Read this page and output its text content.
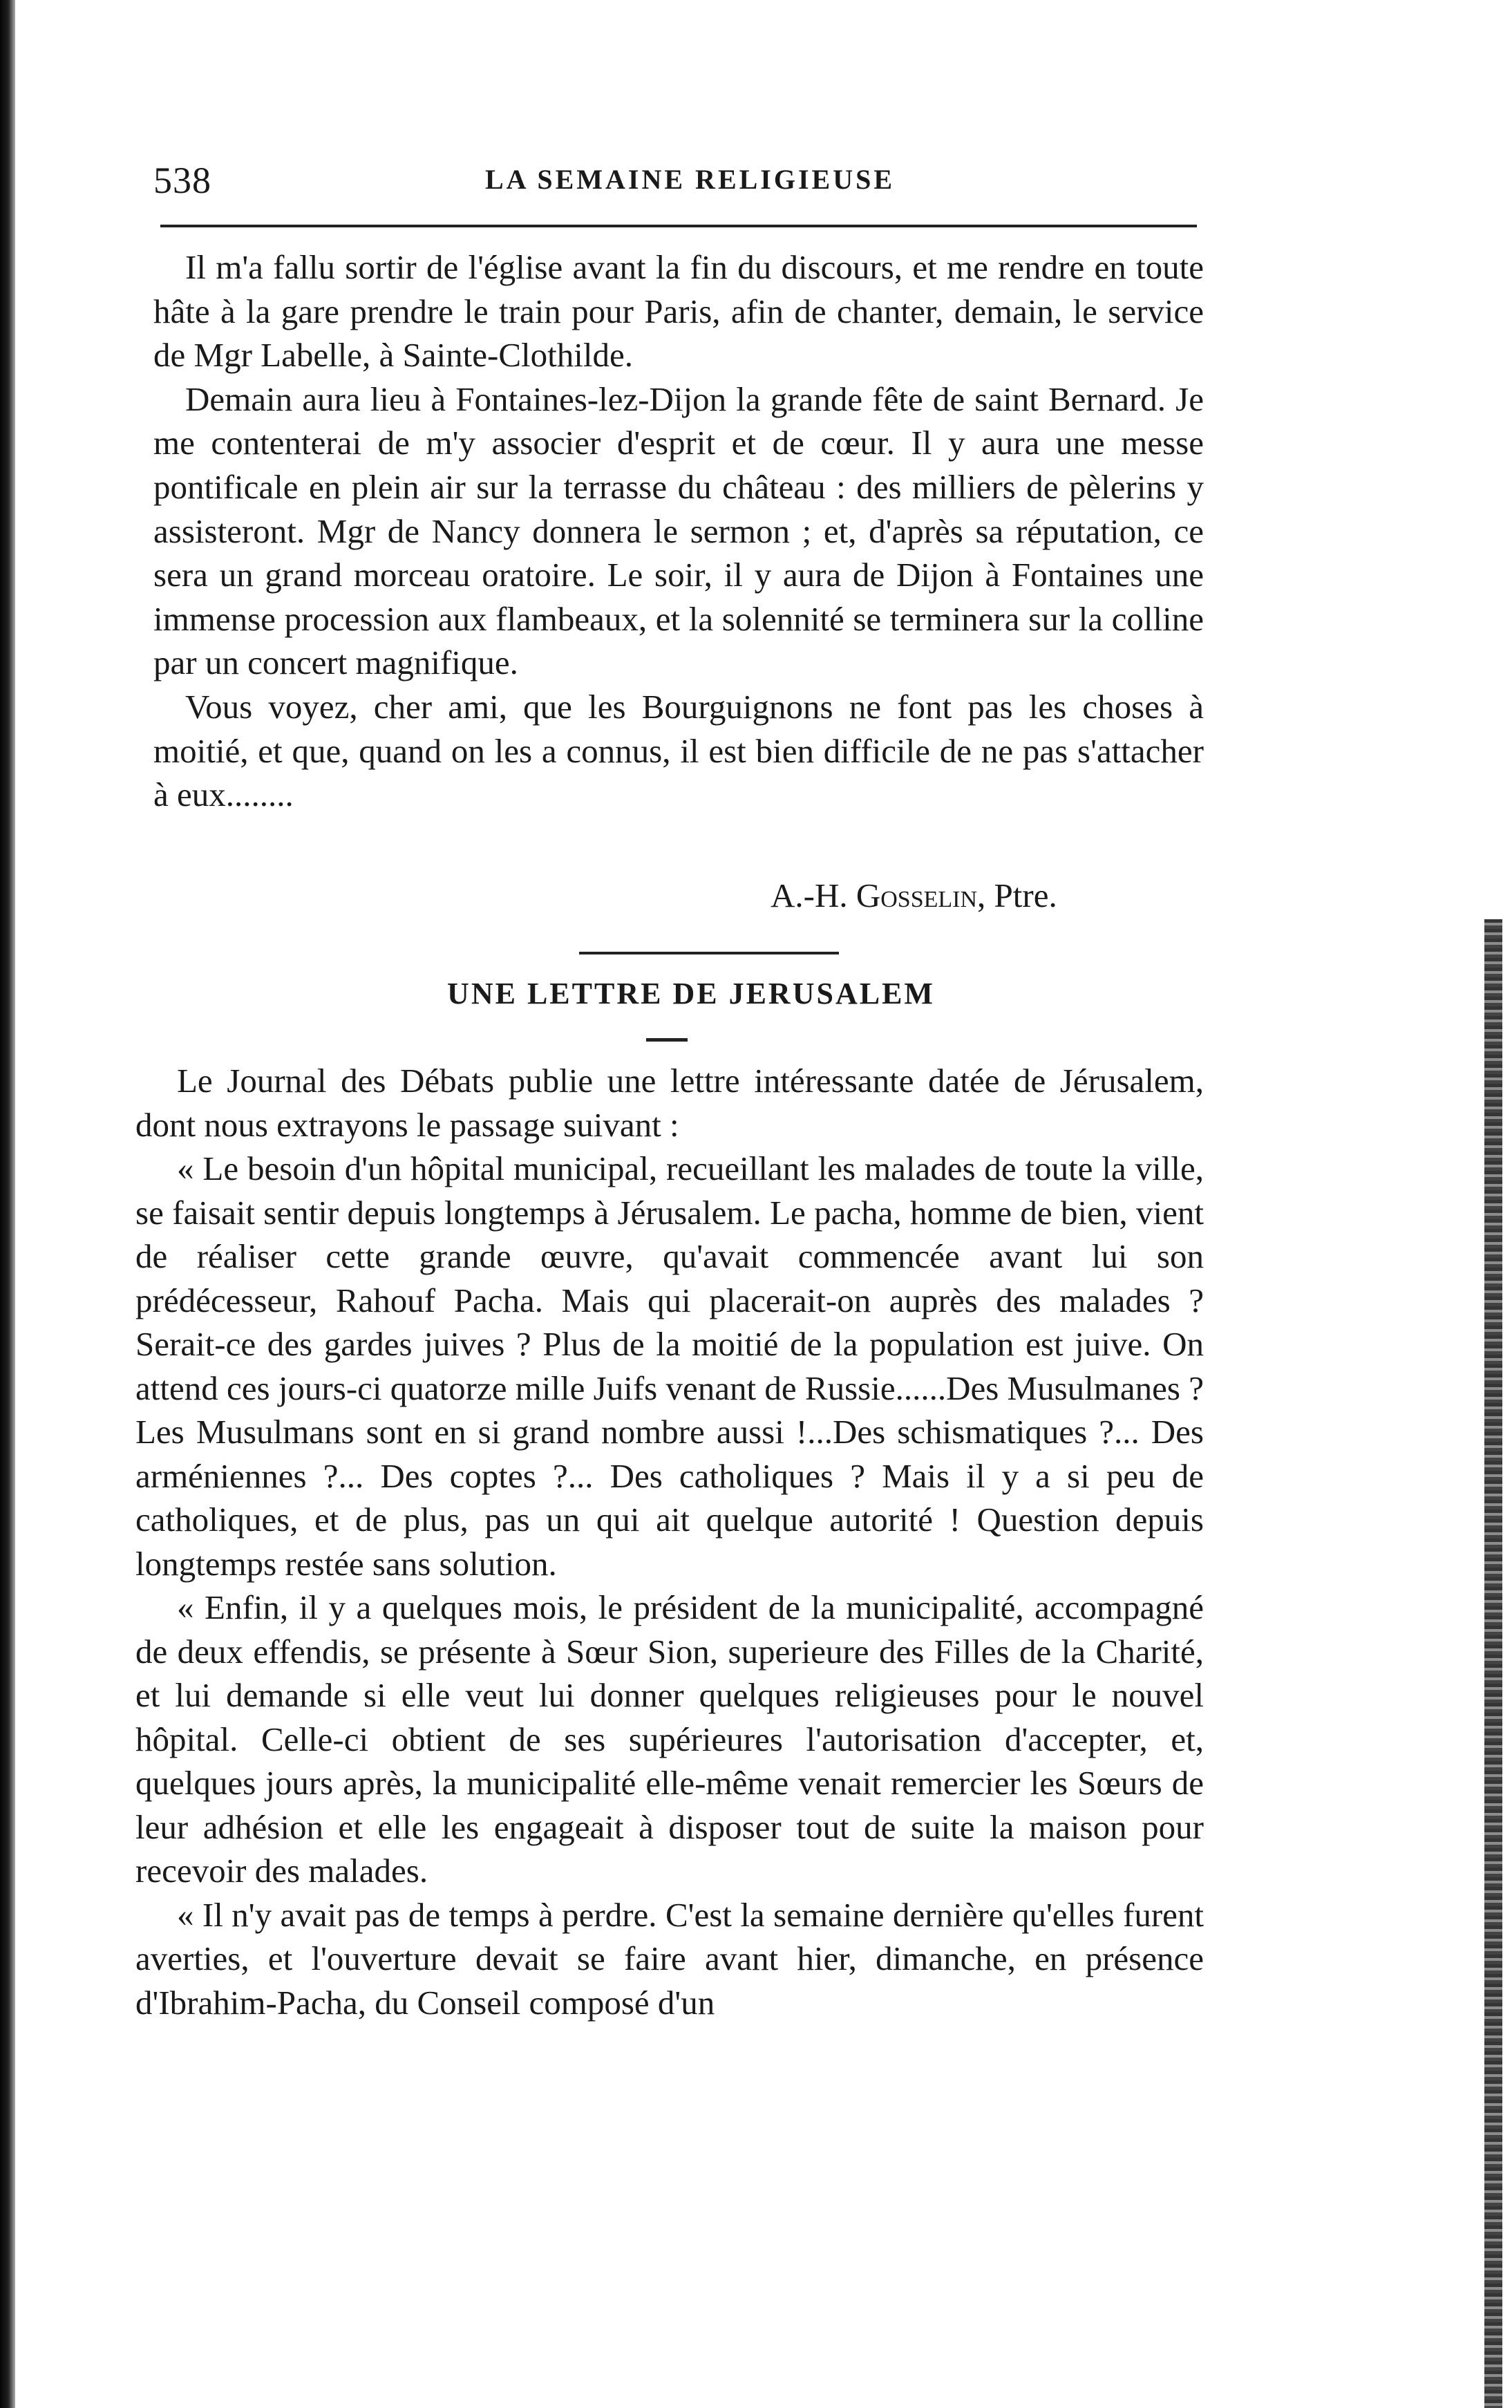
538	LA SEMAINE RELIGIEUSE

Il m'a fallu sortir de l'église avant la fin du discours, et me rendre en toute hâte à la gare prendre le train pour Paris, afin de chanter, demain, le service de Mgr Labelle, à Sainte-Clothilde.

Demain aura lieu à Fontaines-lez-Dijon la grande fête de saint Bernard. Je me contenterai de m'y associer d'esprit et de cœur. Il y aura une messe pontificale en plein air sur la terrasse du château : des milliers de pèlerins y assisteront. Mgr de Nancy donnera le sermon ; et, d'après sa réputation, ce sera un grand morceau oratoire. Le soir, il y aura de Dijon à Fontaines une immense procession aux flambeaux, et la solennité se terminera sur la colline par un concert magnifique.

Vous voyez, cher ami, que les Bourguignons ne font pas les choses à moitié, et que, quand on les a connus, il est bien difficile de ne pas s'attacher à eux........

A.-H. Gosselin, Ptre.
UNE LETTRE DE JERUSALEM

Le Journal des Débats publie une lettre intéressante datée de Jérusalem, dont nous extrayons le passage suivant :

« Le besoin d'un hôpital municipal, recueillant les malades de toute la ville, se faisait sentir depuis longtemps à Jérusalem. Le pacha, homme de bien, vient de réaliser cette grande œuvre, qu'avait commencée avant lui son prédécesseur, Rahouf Pacha. Mais qui placerait-on auprès des malades ? Serait-ce des gardes juives ? Plus de la moitié de la population est juive. On attend ces jours-ci quatorze mille Juifs venant de Russie......Des Musulmanes ? Les Musulmans sont en si grand nombre aussi !...Des schismatiques ?... Des arméniennes ?... Des coptes ?... Des catholiques ? Mais il y a si peu de catholiques, et de plus, pas un qui ait quelque autorité ! Question depuis longtemps restée sans solution.

« Enfin, il y a quelques mois, le président de la municipalité, accompagné de deux effendis, se présente à Sœur Sion, superieure des Filles de la Charité, et lui demande si elle veut lui donner quelques religieuses pour le nouvel hôpital. Celle-ci obtient de ses supérieures l'autorisation d'accepter, et, quelques jours après, la municipalité elle-même venait remercier les Sœurs de leur adhésion et elle les engageait à disposer tout de suite la maison pour recevoir des malades.

« Il n'y avait pas de temps à perdre. C'est la semaine dernière qu'elles furent averties, et l'ouverture devait se faire avant hier, dimanche, en présence d'Ibrahim-Pacha, du Conseil composé d'un
